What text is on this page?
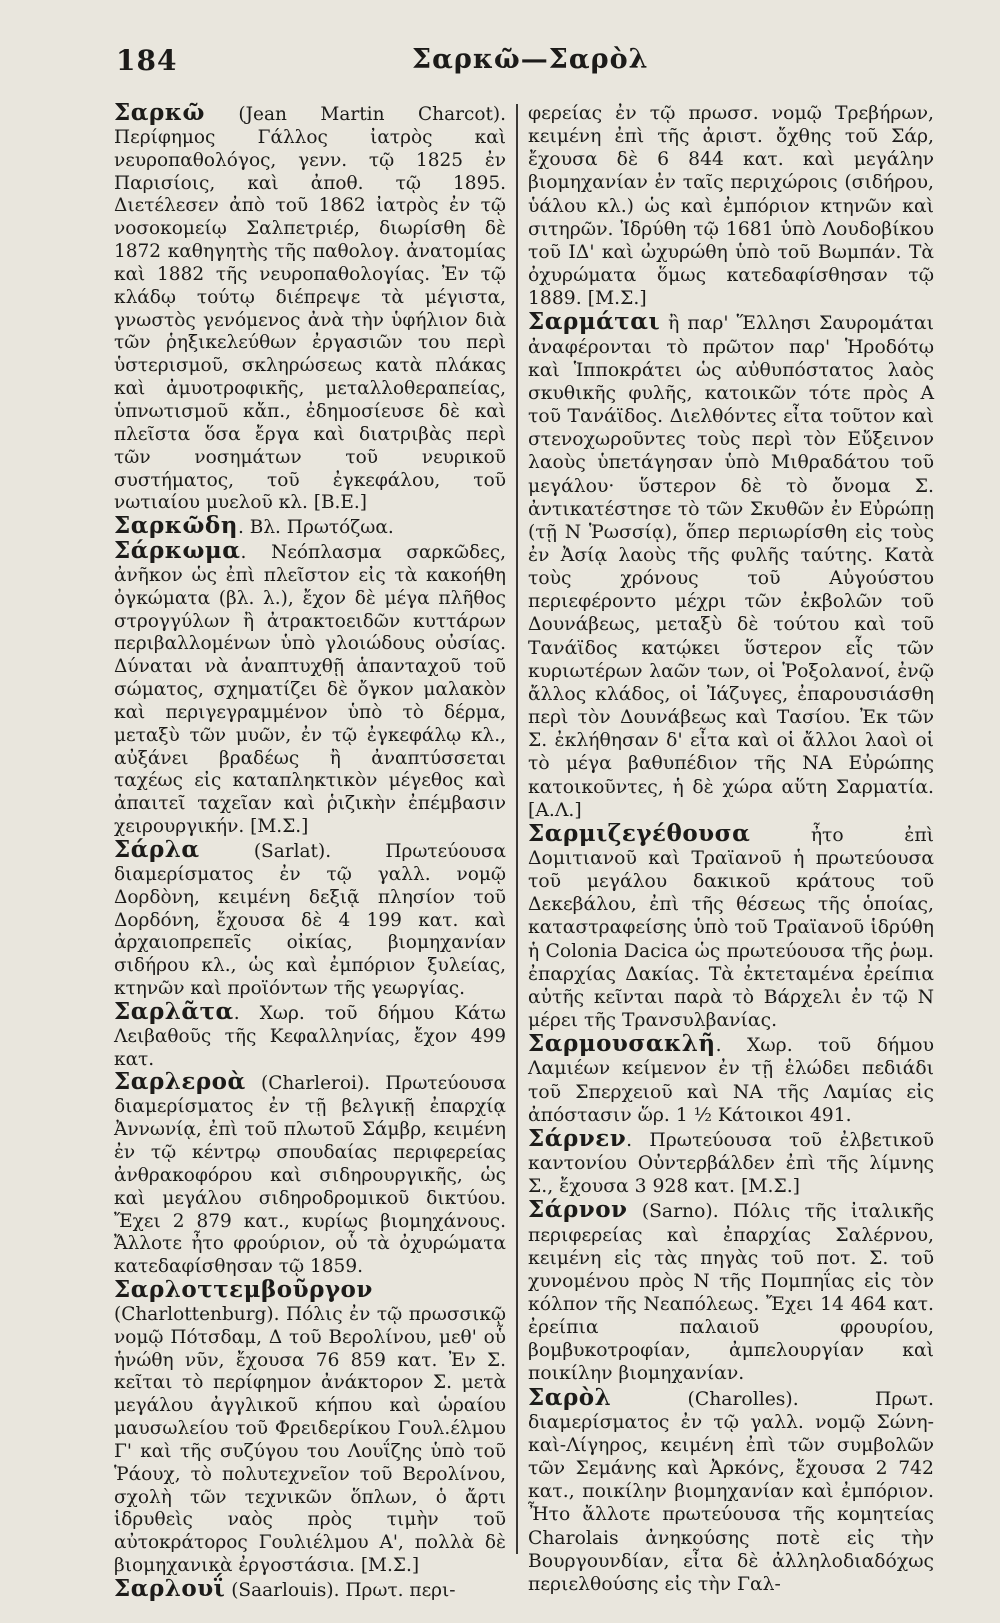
184	Σαρκῶ—Σαρὸλ

Σαρκῶ (Jean Martin Charcot). Περίφημος Γάλλος ἰατρὸς καὶ νευροπαθολόγος, γενν. τῷ 1825 ἐν Παρισίοις, καὶ ἀποθ. τῷ 1895. Διετέλεσεν ἀπὸ τοῦ 1862 ἰατρὸς ἐν τῷ νοσοκομείῳ Σαλπετριέρ, διωρίσθη δὲ 1872 καθηγητὴς τῆς παθολογ. ἀνατομίας καὶ 1882 τῆς νευροπαθολογίας. Ἐν τῷ κλάδῳ τούτῳ διέπρεψε τὰ μέγιστα, γνωστὸς γενόμενος ἀνὰ τὴν ὑφήλιον διὰ τῶν ῥηξικελεύθων ἐργασιῶν του περὶ ὑστερισμοῦ, σκληρώσεως κατὰ πλάκας καὶ ἀμυοτροφικῆς, μεταλλοθεραπείας, ὑπνωτισμοῦ κἄπ., ἐδημοσίευσε δὲ καὶ πλεῖστα ὅσα ἔργα καὶ διατριβὰς περὶ τῶν νοσημάτων τοῦ νευρικοῦ συστήματος, τοῦ ἐγκεφάλου, τοῦ νωτιαίου μυελοῦ κλ. [Β.Ε.]

Σαρκῶδη. Βλ. Πρωτόζωα.

Σάρκωμα. Νεόπλασμα σαρκῶδες, ἀνῆκον ὡς ἐπὶ πλεῖστον εἰς τὰ κακοήθη ὀγκώματα (βλ. λ.), ἔχον δὲ μέγα πλῆθος στρογγύλων ἢ ἀτρακτοειδῶν κυττάρων περιβαλλομένων ὑπὸ γλοιώδους οὐσίας. Δύναται νὰ ἀναπτυχθῇ ἁπανταχοῦ τοῦ σώματος, σχηματίζει δὲ ὄγκον μαλακὸν καὶ περιγεγραμμένον ὑπὸ τὸ δέρμα, μεταξὺ τῶν μυῶν, ἐν τῷ ἐγκεφάλῳ κλ., αὐξάνει βραδέως ἢ ἀναπτύσσεται ταχέως εἰς καταπληκτικὸν μέγεθος καὶ ἀπαιτεῖ ταχεῖαν καὶ ῥιζικὴν ἐπέμβασιν χειρουργικήν. [Μ.Σ.]

Σάρλα (Sarlat). Πρωτεύουσα διαμερίσματος ἐν τῷ γαλλ. νομῷ Δορδὸνη, κειμένη δεξιᾷ πλησίον τοῦ Δορδόνη, ἔχουσα δὲ 4 199 κατ. καὶ ἀρχαιοπρεπεῖς οἰκίας, βιομηχανίαν σιδήρου κλ., ὡς καὶ ἐμπόριον ξυλείας, κτηνῶν καὶ προϊόντων τῆς γεωργίας.

Σαρλᾶτα. Χωρ. τοῦ δήμου Κάτω Λειβαθοῦς τῆς Κεφαλληνίας, ἔχον 499 κατ.

Σαρλεροὰ (Charleroi). Πρωτεύουσα διαμερίσματος ἐν τῇ βελγικῇ ἐπαρχίᾳ Ἀννωνίᾳ, ἐπὶ τοῦ πλωτοῦ Σάμβρ, κειμένη ἐν τῷ κέντρῳ σπουδαίας περιφερείας ἀνθρακοφόρου καὶ σιδηρουργικῆς, ὡς καὶ μεγάλου σιδηροδρομικοῦ δικτύου. Ἔχει 2 879 κατ., κυρίως βιομηχάνους. Ἄλλοτε ἦτο φρούριον, οὗ τὰ ὀχυρώματα κατεδαφίσθησαν τῷ 1859.

Σαρλοττεμβοῦργον (Charlottenburg). Πόλις ἐν τῷ πρωσσικῷ νομῷ Πότσδαμ, Δ τοῦ Βερολίνου, μεθ' οὗ ἡνώθη νῦν, ἔχουσα 76 859 κατ. Ἐν Σ. κεῖται τὸ περίφημον ἀνάκτορον Σ. μετὰ μεγάλου ἀγγλικοῦ κήπου καὶ ὡραίου μαυσωλείου τοῦ Φρειδερίκου Γουλ.έλμου Γ' καὶ τῆς συζύγου του Λουΐζης ὑπὸ τοῦ Ῥάουχ, τὸ πολυτεχνεῖον τοῦ Βερολίνου, σχολὴ τῶν τεχνικῶν ὅπλων, ὁ ἄρτι ἱδρυθεὶς ναὸς πρὸς τιμὴν τοῦ αὐτοκράτορος Γουλιέλμου Α', πολλὰ δὲ βιομηχανικὰ ἐργοστάσια. [Μ.Σ.]

Σαρλουΐ (Saarlouis). Πρωτ. περι-

φερείας ἐν τῷ πρωσσ. νομῷ Τρεβήρων, κειμένη ἐπὶ τῆς ἀριστ. ὄχθης τοῦ Σάρ, ἔχουσα δὲ 6 844 κατ. καὶ μεγάλην βιομηχανίαν ἐν ταῖς περιχώροις (σιδήρου, ὑάλου κλ.) ὡς καὶ ἐμπόριον κτηνῶν καὶ σιτηρῶν. Ἱδρύθη τῷ 1681 ὑπὸ Λουδοβίκου τοῦ ΙΔ' καὶ ὠχυρώθη ὑπὸ τοῦ Βωμπάν. Τὰ ὀχυρώματα ὅμως κατεδαφίσθησαν τῷ 1889. [Μ.Σ.]

Σαρμάται ἢ παρ' Ἕλλησι Σαυρομάται ἀναφέρονται τὸ πρῶτον παρ' Ἡροδότῳ καὶ Ἱπποκράτει ὡς αὐθυπόστατος λαὸς σκυθικῆς φυλῆς, κατοικῶν τότε πρὸς Α τοῦ Τανάϊδος. Διελθόντες εἶτα τοῦτον καὶ στενοχωροῦντες τοὺς περὶ τὸν Εὔξεινον λαοὺς ὑπετάγησαν ὑπὸ Μιθραδάτου τοῦ μεγάλου· ὕστερον δὲ τὸ ὄνομα Σ. ἀντικατέστησε τὸ τῶν Σκυθῶν ἐν Εὐρώπῃ (τῇ Ν Ῥωσσίᾳ), ὅπερ περιωρίσθη εἰς τοὺς ἐν Ἀσίᾳ λαοὺς τῆς φυλῆς ταύτης. Κατὰ τοὺς χρόνους τοῦ Αὐγούστου περιεφέροντο μέχρι τῶν ἐκβολῶν τοῦ Δουνάβεως, μεταξὺ δὲ τούτου καὶ τοῦ Τανάϊδος κατῴκει ὕστερον εἷς τῶν κυριωτέρων λαῶν των, οἱ Ῥοξολανοί, ἐνῷ ἄλλος κλάδος, οἱ Ἰάζυγες, ἐπαρουσιάσθη περὶ τὸν Δουνάβεως καὶ Τασίου. Ἐκ τῶν Σ. ἐκλήθησαν δ' εἶτα καὶ οἱ ἄλλοι λαοὶ οἱ τὸ μέγα βαθυπέδιον τῆς ΝΑ Εὐρώπης κατοικοῦντες, ἡ δὲ χώρα αὕτη Σαρματία. [Α.Λ.]

Σαρμιζεγέθουσα ἦτο ἐπὶ Δομιτιανοῦ καὶ Τραϊανοῦ ἡ πρωτεύουσα τοῦ μεγάλου δακικοῦ κράτους τοῦ Δεκεβάλου, ἐπὶ τῆς θέσεως τῆς ὁποίας, καταστραφείσης ὑπὸ τοῦ Τραϊανοῦ ἱδρύθη ἡ Colonia Dacica ὡς πρωτεύουσα τῆς ῥωμ. ἐπαρχίας Δακίας. Τὰ ἐκτεταμένα ἐρείπια αὐτῆς κεῖνται παρὰ τὸ Βάρχελι ἐν τῷ Ν μέρει τῆς Τρανσυλβανίας.

Σαρμουσακλῆ. Χωρ. τοῦ δήμου Λαμιέων κείμενον ἐν τῇ ἑλώδει πεδιάδι τοῦ Σπερχειοῦ καὶ ΝΑ τῆς Λαμίας εἰς ἀπόστασιν ὥρ. 1 ½ Κάτοικοι 491.

Σάρνεν. Πρωτεύουσα τοῦ ἐλβετικοῦ καντονίου Οὐντερβάλδεν ἐπὶ τῆς λίμνης Σ., ἔχουσα 3 928 κατ. [Μ.Σ.]

Σάρνον (Sarno). Πόλις τῆς ἰταλικῆς περιφερείας καὶ ἐπαρχίας Σαλέρνου, κειμένη εἰς τὰς πηγὰς τοῦ ποτ. Σ. τοῦ χυνομένου πρὸς Ν τῆς Πομπηΐας εἰς τὸν κόλπον τῆς Νεαπόλεως. Ἔχει 14 464 κατ. ἐρείπια παλαιοῦ φρουρίου, βομβυκοτροφίαν, ἀμπελουργίαν καὶ ποικίλην βιομηχανίαν.

Σαρὸλ (Charolles). Πρωτ. διαμερίσματος ἐν τῷ γαλλ. νομῷ Σώνη-καὶ-Λίγηρος, κειμένη ἐπὶ τῶν συμβολῶν τῶν Σεμάνης καὶ Ἀρκόνς, ἔχουσα 2 742 κατ., ποικίλην βιομηχανίαν καὶ ἐμπόριον. Ἦτο ἄλλοτε πρωτεύουσα τῆς κομητείας Charolais ἀνηκούσης ποτὲ εἰς τὴν Βουργουνδίαν, εἶτα δὲ ἀλληλοδιαδόχως περιελθούσης εἰς τὴν Γαλ-
